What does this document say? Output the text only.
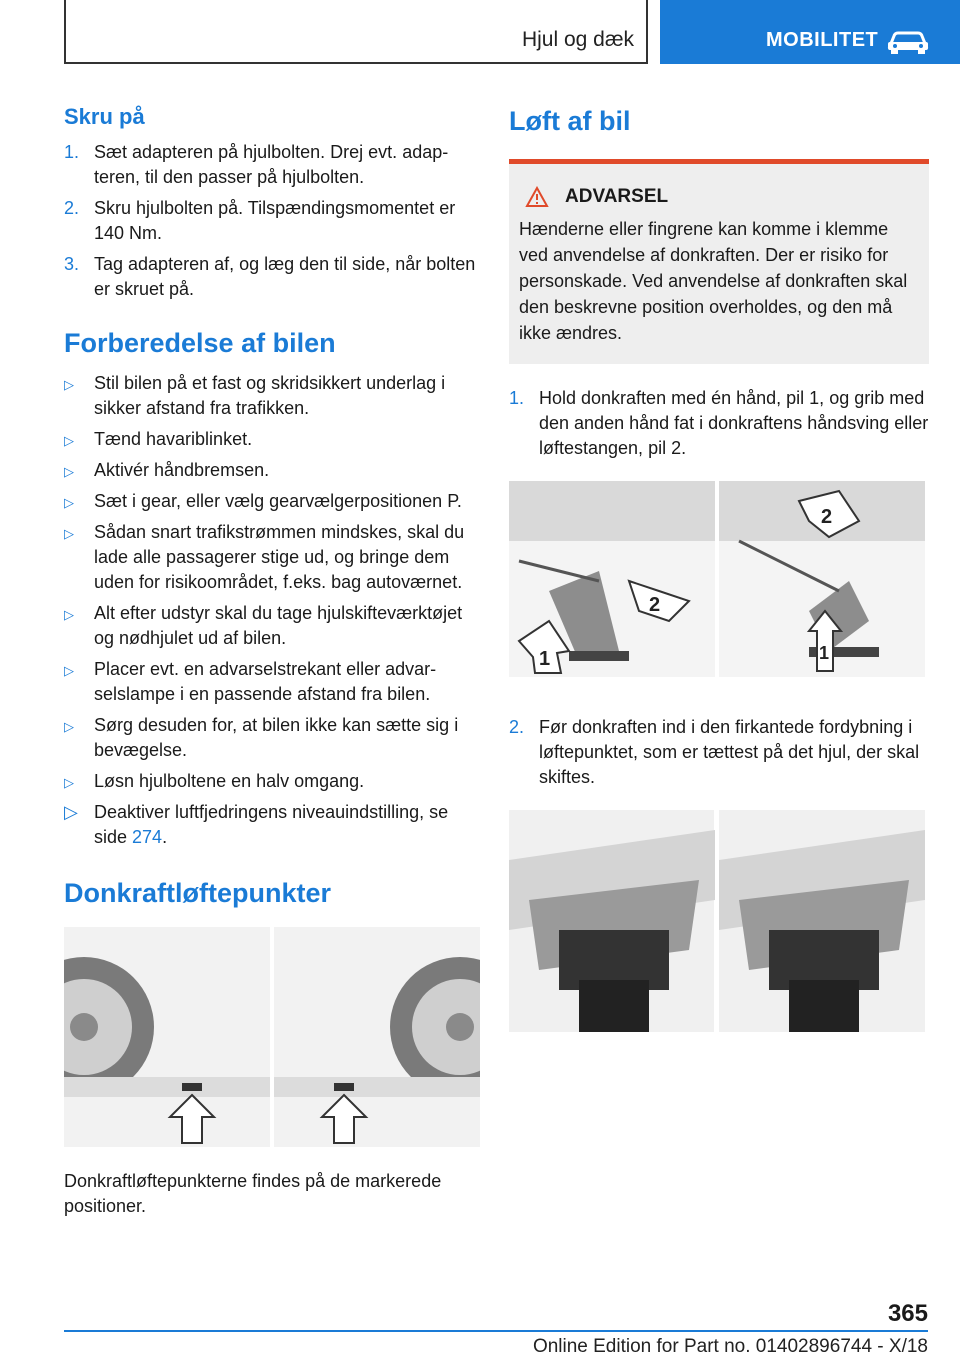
Hjul og dæk	MOBILITET
Skru på
1. Sæt adapteren på hjulbolten. Drej evt. adapteren, til den passer på hjulbolten.
2. Skru hjulbolten på. Tilspændingsmomentet er 140 Nm.
3. Tag adapteren af, og læg den til side, når bolten er skruet på.
Forberedelse af bilen
▷ Stil bilen på et fast og skridsikkert underlag i sikker afstand fra trafikken.
▷ Tænd havariblinket.
▷ Aktivér håndbremsen.
▷ Sæt i gear, eller vælg gearvælgerpositionen P.
▷ Sådan snart trafikstrømmen mindskes, skal du lade alle passagerer stige ud, og bringe dem uden for risikoområdet, f.eks. bag autoværnet.
▷ Alt efter udstyr skal du tage hjulskifteværktøjet og nødhjulet ud af bilen.
▷ Placer evt. en advarselstrekant eller advarselslampe i en passende afstand fra bilen.
▷ Sørg desuden for, at bilen ikke kan sætte sig i bevægelse.
▷ Løsn hjulboltene en halv omgang.
▷ Deaktiver luftfjedringens niveauindstilling, se side 274.
Donkraftløftepunkter
Donkraftløftepunkterne findes på de markerede positioner.
Løft af bil
ADVARSEL
Hænderne eller fingrene kan komme i klemme ved anvendelse af donkraften. Der er risiko for personskade. Ved anvendelse af donkraften skal den beskrevne position overholdes, og den må ikke ændres.
1. Hold donkraften med én hånd, pil 1, og grib med den anden hånd fat i donkraftens håndsving eller løftestangen, pil 2.
1
2
2
1
2. Før donkraften ind i den firkantede fordybning i løftepunktet, som er tættest på det hjul, der skal skiftes.
365
Online Edition for Part no. 01402896744 - X/18
